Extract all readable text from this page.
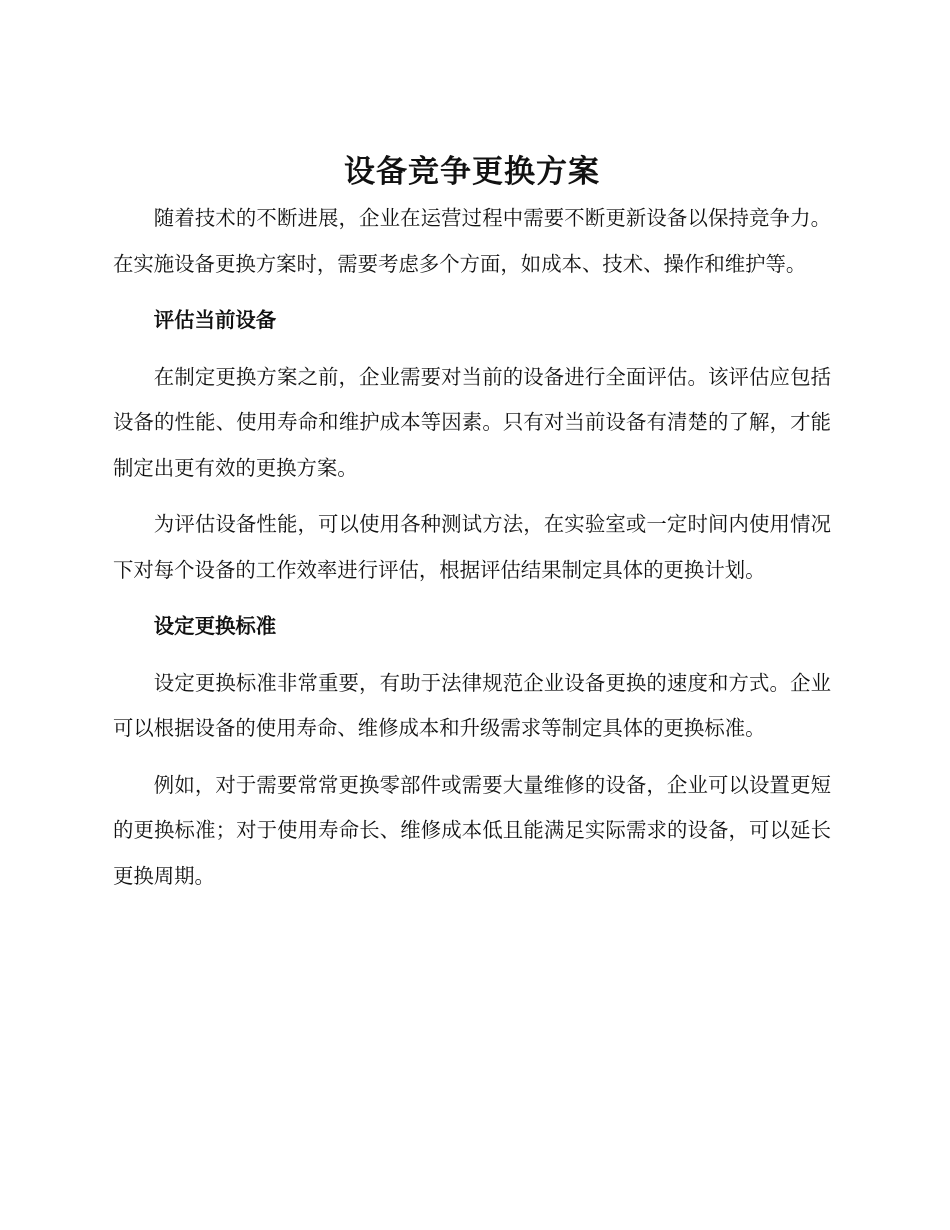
设备竞争更换方案

随着技术的不断进展，企业在运营过程中需要不断更新设备以保持竞争力。在实施设备更换方案时，需要考虑多个方面，如成本、技术、操作和维护等。

评估当前设备

在制定更换方案之前，企业需要对当前的设备进行全面评估。该评估应包括设备的性能、使用寿命和维护成本等因素。只有对当前设备有清楚的了解，才能制定出更有效的更换方案。

为评估设备性能，可以使用各种测试方法，在实验室或一定时间内使用情况下对每个设备的工作效率进行评估，根据评估结果制定具体的更换计划。

设定更换标准

设定更换标准非常重要，有助于法律规范企业设备更换的速度和方式。企业可以根据设备的使用寿命、维修成本和升级需求等制定具体的更换标准。

例如，对于需要常常更换零部件或需要大量维修的设备，企业可以设置更短的更换标准；对于使用寿命长、维修成本低且能满足实际需求的设备，可以延长更换周期。
